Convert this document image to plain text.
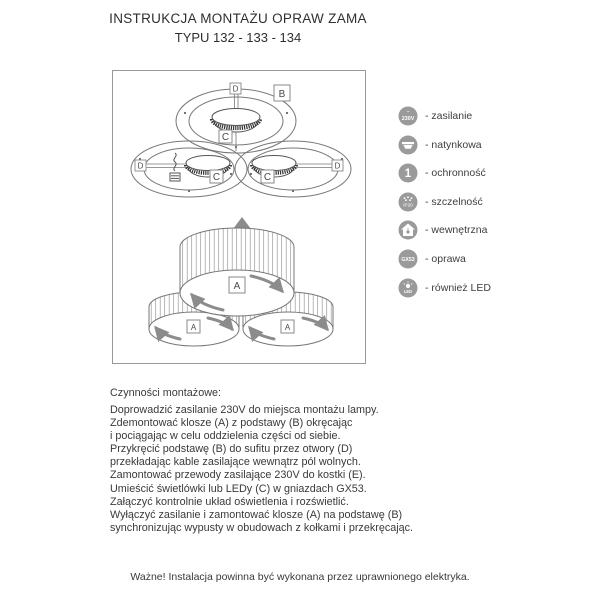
INSTRUKCJA MONTAŻU OPRAW ZAMA
TYPU 132 - 133 - 134
B
D
D	D
C
C	C
A
A	A
~
230V - zasilanie
- natynkowa
1 - ochronność
IP20 - szczelność
- wewnętrzna
GX53 - oprawa
LED - również LED
Czynności montażowe:
Doprowadzić zasilanie 230V do miejsca montażu lampy.
Zdemontować klosze (A) z podstawy (B) okręcając
i pociągając w celu oddzielenia części od siebie.
Przykręcić podstawę (B) do sufitu przez otwory (D)
przekładając kable zasilające wewnątrz pól wolnych.
Zamontować przewody zasilające 230V do kostki (E).
Umieścić świetlówki lub LEDy (C) w gniazdach GX53.
Załączyć kontrolnie układ oświetlenia i rozświetlić.
Wyłączyć zasilanie i zamontować klosze (A) na podstawę (B)
synchronizując wypusty w obudowach z kołkami i przekręcając.
Ważne! Instalacja powinna być wykonana przez uprawnionego elektryka.
